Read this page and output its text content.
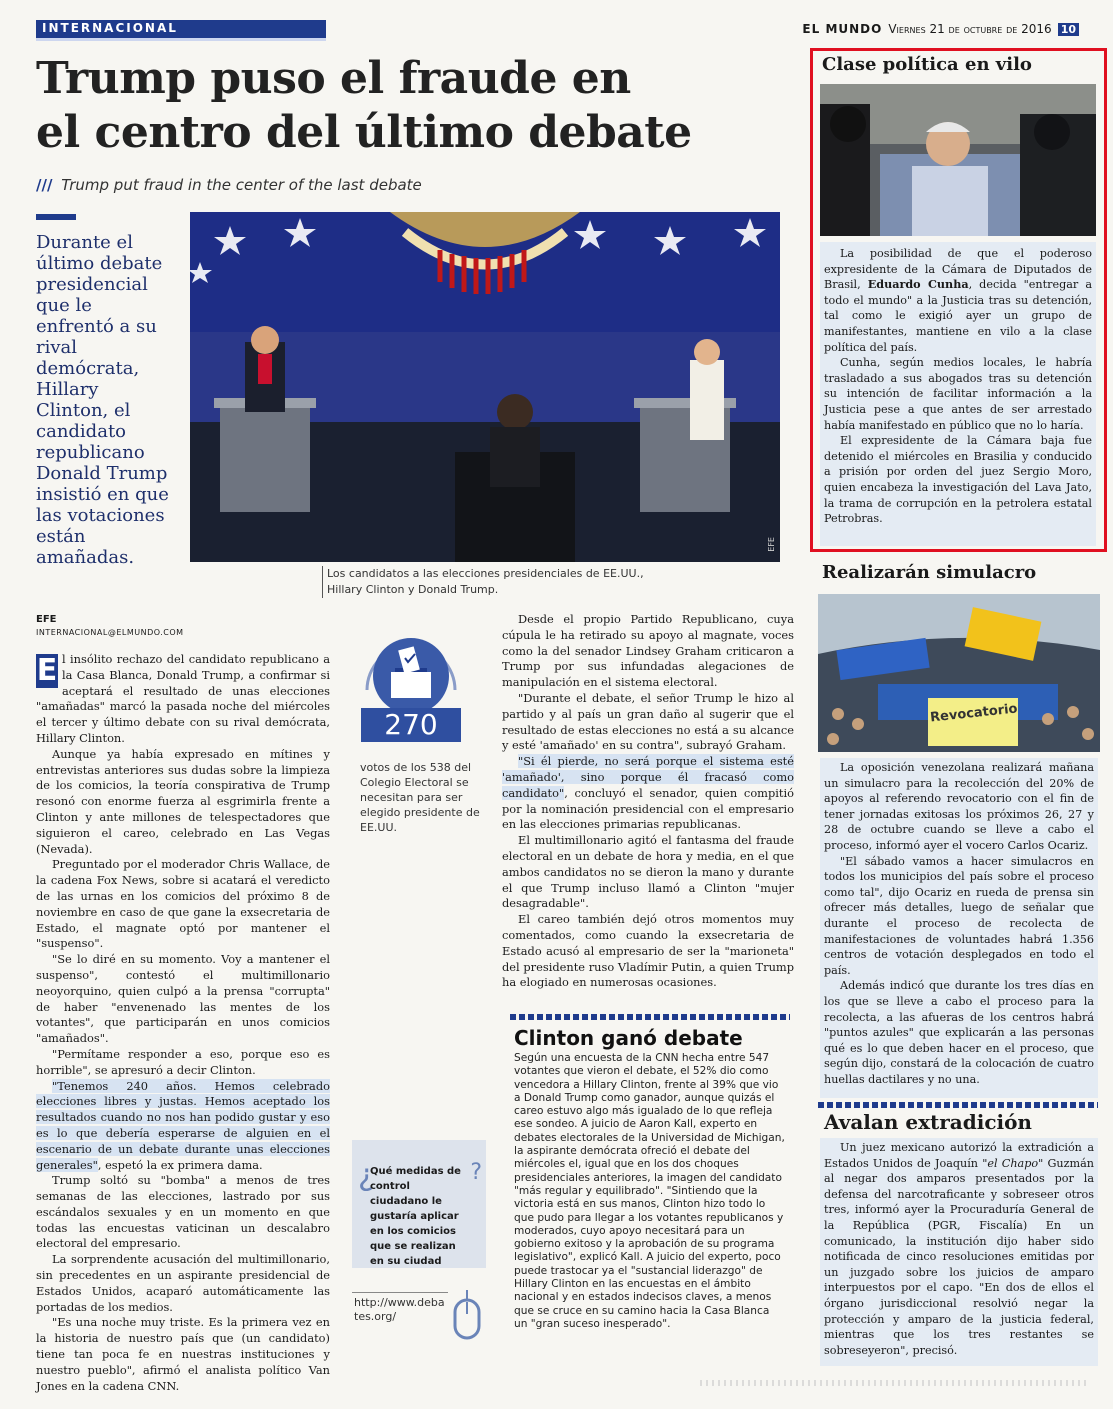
INTERNACIONAL	EL MUNDO Viernes 21 de octubre de 2016 10
Trump puso el fraude en
el centro del último debate
/// Trump put fraud in the center of the last debate
Durante el último debate presidencial que le enfrentó a su rival demócrata, Hillary Clinton, el candidato republicano Donald Trump insistió en que las votaciones están amañadas.
EFE
Los candidatos a las elecciones presidenciales de EE.UU.,
Hillary Clinton y Donald Trump.
EFE
INTERNACIONAL@ELMUNDO.COM

E l insólito rechazo del candidato republicano a la Casa Blanca, Donald Trump, a confirmar si aceptará el resultado de unas elecciones "amañadas" marcó la pasada noche del miércoles el tercer y último debate con su rival demócrata, Hillary Clinton.

Aunque ya había expresado en mítines y entrevistas anteriores sus dudas sobre la limpieza de los comicios, la teoría conspirativa de Trump resonó con enorme fuerza al esgrimirla frente a Clinton y ante millones de telespectadores que siguieron el careo, celebrado en Las Vegas (Nevada).

Preguntado por el moderador Chris Wallace, de la cadena Fox News, sobre si acatará el veredicto de las urnas en los comicios del próximo 8 de noviembre en caso de que gane la exsecretaria de Estado, el magnate optó por mantener el "suspenso".

"Se lo diré en su momento. Voy a mantener el suspenso", contestó el multimillonario neoyorquino, quien culpó a la prensa "corrupta" de haber "envenenado las mentes de los votantes", que participarán en unos comicios "amañados".

"Permítame responder a eso, porque eso es horrible", se apresuró a decir Clinton.

"Tenemos 240 años. Hemos celebrado elecciones libres y justas. Hemos aceptado los resultados cuando no nos han podido gustar y eso es lo que debería esperarse de alguien en el escenario de un debate durante unas elecciones generales", espetó la ex primera dama.

Trump soltó su "bomba" a menos de tres semanas de las elecciones, lastrado por sus escándalos sexuales y en un momento en que todas las encuestas vaticinan un descalabro electoral del empresario.

La sorprendente acusación del multimillonario, sin precedentes en un aspirante presidencial de Estados Unidos, acaparó automáticamente las portadas de los medios.

"Es una noche muy triste. Es la primera vez en la historia de nuestro país que (un candidato) tiene tan poca fe en nuestras instituciones y nuestro pueblo", afirmó el analista político Van Jones en la cadena CNN.

270
votos de los 538 del Colegio Electoral se necesitan para ser elegido presidente de EE.UU.
¿	?
Qué medidas de control ciudadano le gustaría aplicar en los comicios que se realizan en su ciudad
http://www.debates.org/

Desde el propio Partido Republicano, cuya cúpula le ha retirado su apoyo al magnate, voces como la del senador Lindsey Graham criticaron a Trump por sus infundadas alegaciones de manipulación en el sistema electoral.

"Durante el debate, el señor Trump le hizo al partido y al país un gran daño al sugerir que el resultado de estas elecciones no está a su alcance y esté 'amañado' en su contra", subrayó Graham.

"Si él pierde, no será porque el sistema esté 'amañado', sino porque él fracasó como candidato", concluyó el senador, quien compitió por la nominación presidencial con el empresario en las elecciones primarias republicanas.

El multimillonario agitó el fantasma del fraude electoral en un debate de hora y media, en el que ambos candidatos no se dieron la mano y durante el que Trump incluso llamó a Clinton "mujer desagradable".

El careo también dejó otros momentos muy comentados, como cuando la exsecretaria de Estado acusó al empresario de ser la "marioneta" del presidente ruso Vladímir Putin, a quien Trump ha elogiado en numerosas ocasiones.

Clinton ganó debate
Según una encuesta de la CNN hecha entre 547 votantes que vieron el debate, el 52% dio como vencedora a Hillary Clinton, frente al 39% que vio a Donald Trump como ganador, aunque quizás el careo estuvo algo más igualado de lo que refleja ese sondeo. A juicio de Aaron Kall, experto en debates electorales de la Universidad de Michigan, la aspirante demócrata ofreció el debate del miércoles el, igual que en los dos choques presidenciales anteriores, la imagen del candidato "más regular y equilibrado". "Sintiendo que la victoria está en sus manos, Clinton hizo todo lo que pudo para llegar a los votantes republicanos y moderados, cuyo apoyo necesitará para un gobierno exitoso y la aprobación de su programa legislativo", explicó Kall. A juicio del experto, poco puede trastocar ya el "sustancial liderazgo" de Hillary Clinton en las encuestas en el ámbito nacional y en estados indecisos claves, a menos que se cruce en su camino hacia la Casa Blanca un "gran suceso inesperado".
Clase política en vilo

La posibilidad de que el poderoso expresidente de la Cámara de Diputados de Brasil, Eduardo Cunha, decida "entregar a todo el mundo" a la Justicia tras su detención, tal como le exigió ayer un grupo de manifestantes, mantiene en vilo a la clase política del país.

Cunha, según medios locales, le habría trasladado a sus abogados tras su detención su intención de facilitar información a la Justicia pese a que antes de ser arrestado había manifestado en público que no lo haría.

El expresidente de la Cámara baja fue detenido el miércoles en Brasilia y conducido a prisión por orden del juez Sergio Moro, quien encabeza la investigación del Lava Jato, la trama de corrupción en la petrolera estatal Petrobras.

Realizarán simulacro
Revocatorio

La oposición venezolana realizará mañana un simulacro para la recolección del 20% de apoyos al referendo revocatorio con el fin de tener jornadas exitosas los próximos 26, 27 y 28 de octubre cuando se lleve a cabo el proceso, informó ayer el vocero Carlos Ocariz.

"El sábado vamos a hacer simulacros en todos los municipios del país sobre el proceso como tal", dijo Ocariz en rueda de prensa sin ofrecer más detalles, luego de señalar que durante el proceso de recolecta de manifestaciones de voluntades habrá 1.356 centros de votación desplegados en todo el país.

Además indicó que durante los tres días en los que se lleve a cabo el proceso para la recolecta, a las afueras de los centros habrá "puntos azules" que explicarán a las personas qué es lo que deben hacer en el proceso, que según dijo, constará de la colocación de cuatro huellas dactilares y no una.

Avalan extradición

Un juez mexicano autorizó la extradición a Estados Unidos de Joaquín "el Chapo" Guzmán al negar dos amparos presentados por la defensa del narcotraficante y sobreseer otros tres, informó ayer la Procuraduría General de la República (PGR, Fiscalía) En un comunicado, la institución dijo haber sido notificada de cinco resoluciones emitidas por un juzgado sobre los juicios de amparo interpuestos por el capo. "En dos de ellos el órgano jurisdiccional resolvió negar la protección y amparo de la justicia federal, mientras que los tres restantes se sobreseyeron", precisó.
